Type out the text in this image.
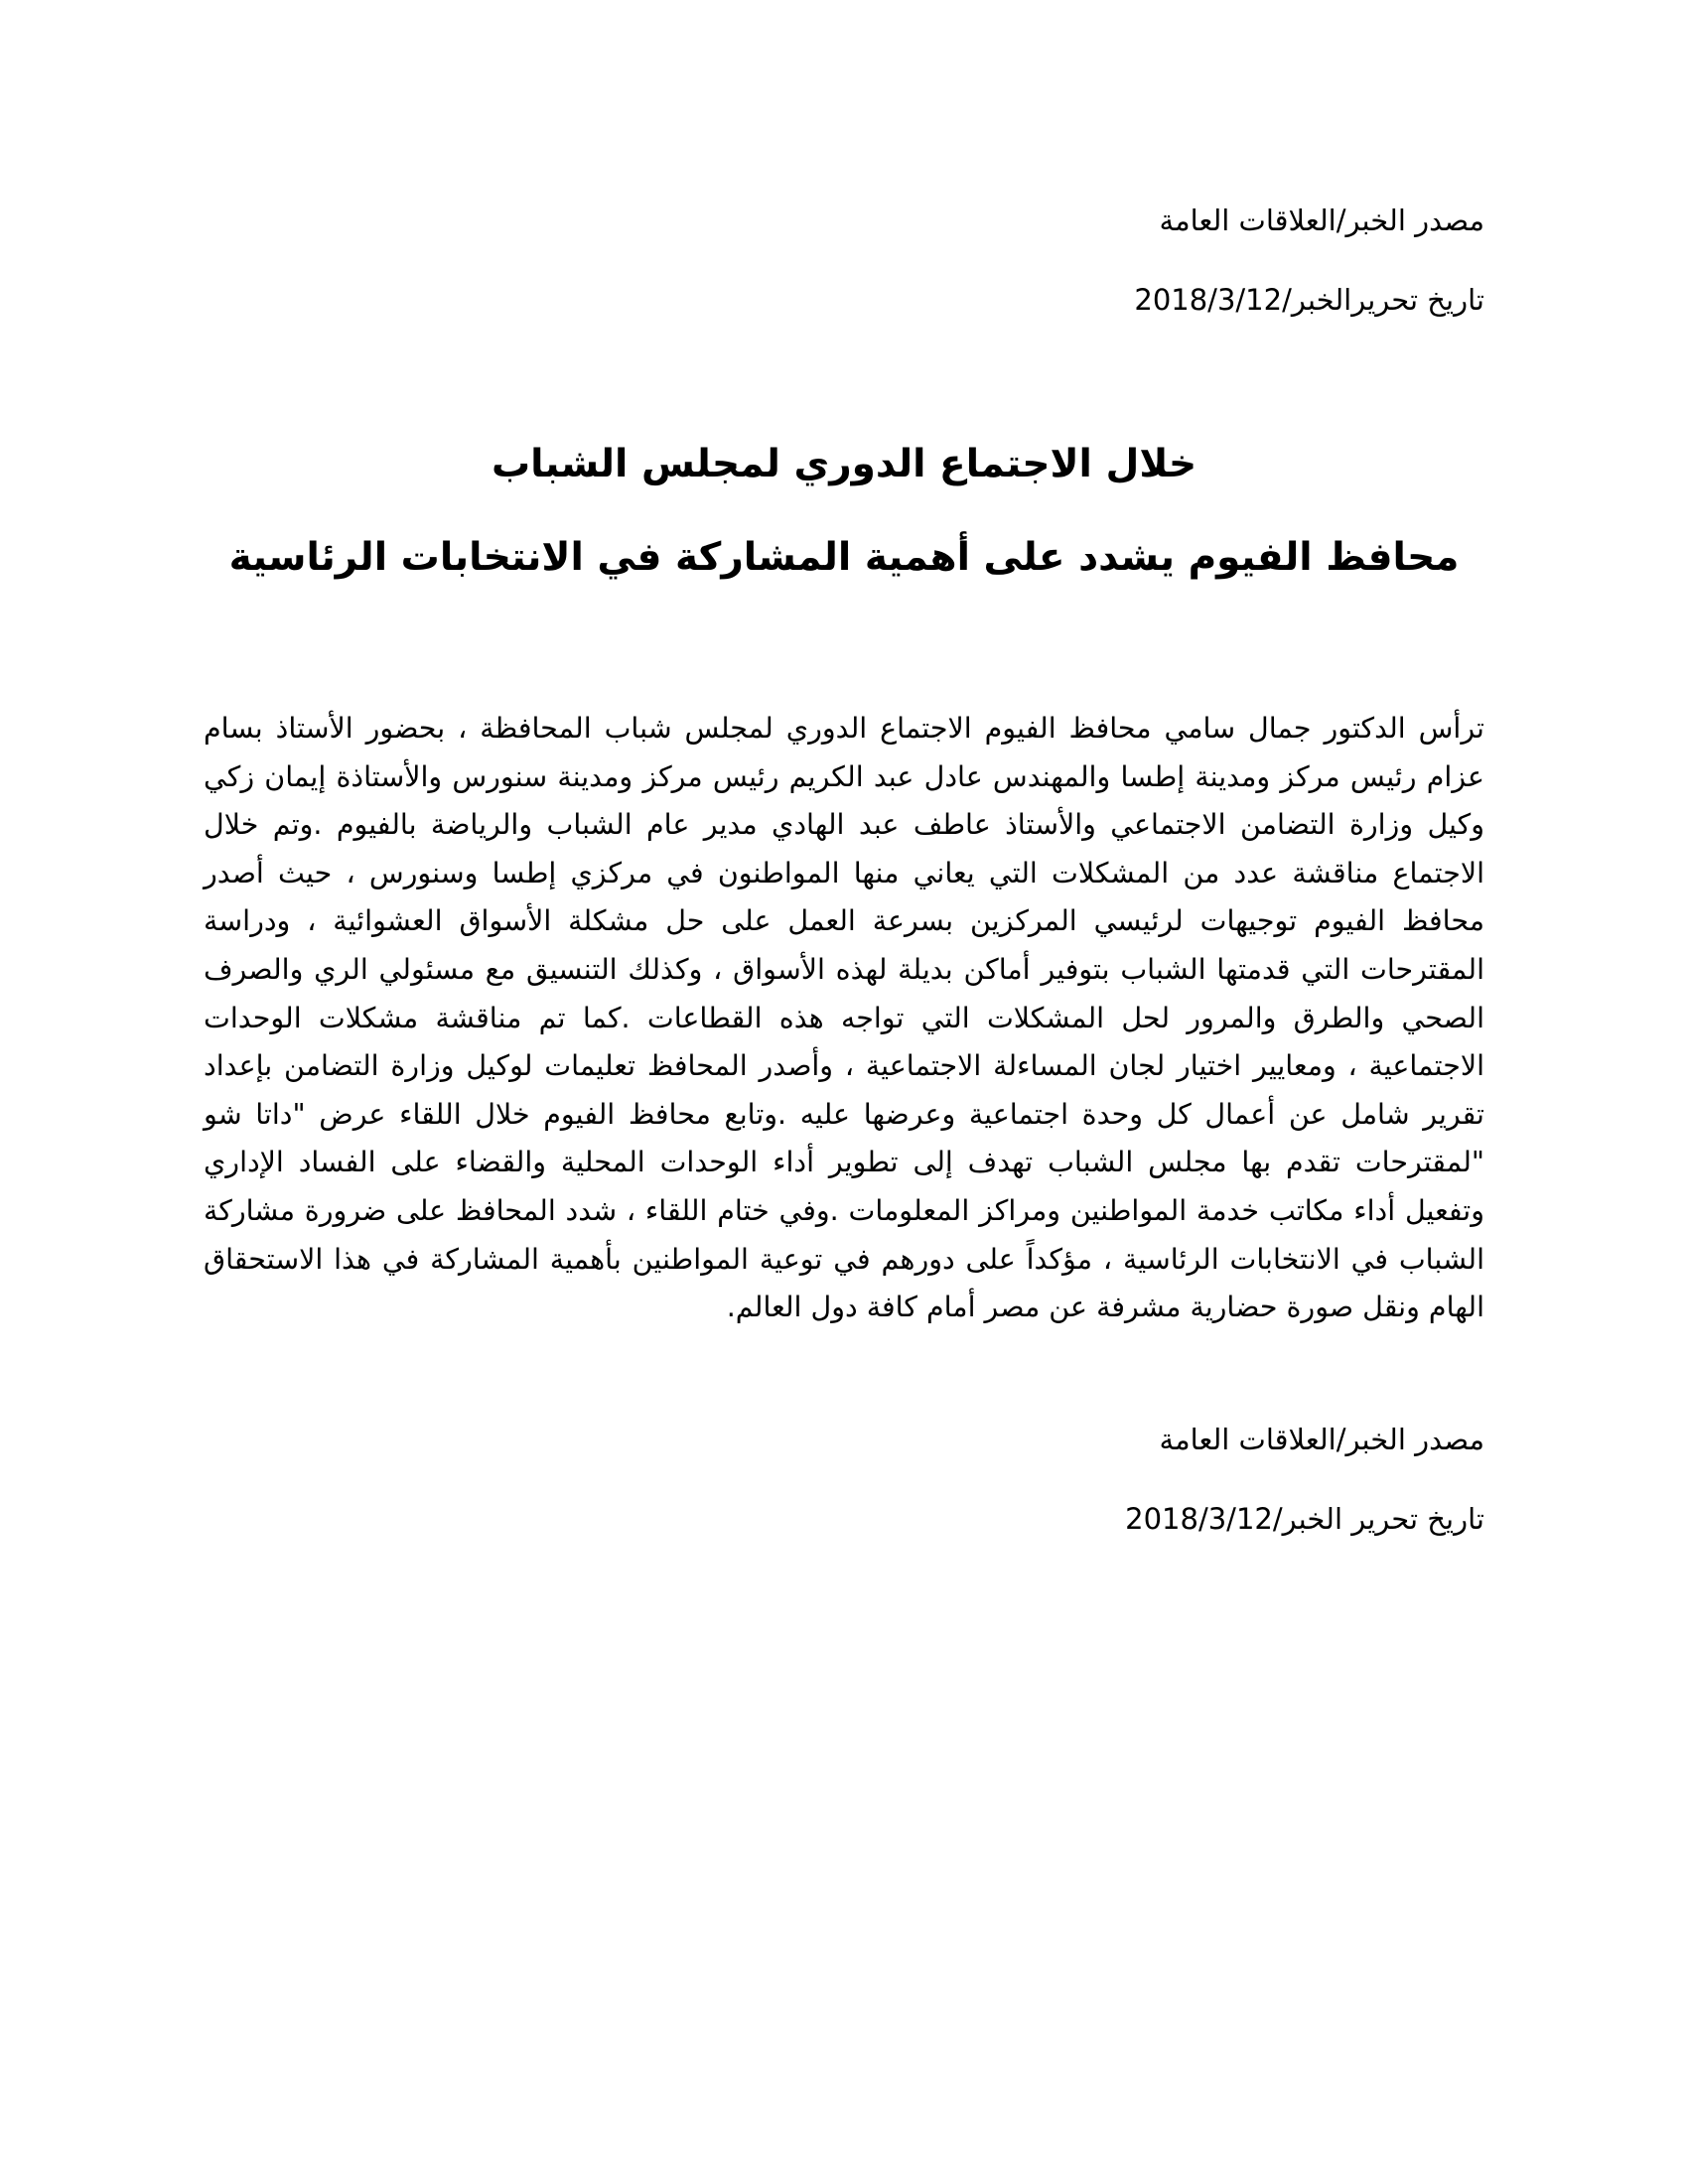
مصدر الخبر/العلاقات العامة
تاريخ تحريرالخبر/2018/3/12
خلال الاجتماع الدوري لمجلس الشباب
محافظ الفيوم يشدد على أهمية المشاركة في الانتخابات الرئاسية
ترأس الدكتور جمال سامي محافظ الفيوم الاجتماع الدوري لمجلس شباب المحافظة ، بحضور الأستاذ بسام عزام رئيس مركز ومدينة إطسا والمهندس عادل عبد الكريم رئيس مركز ومدينة سنورس والأستاذة إيمان زكي وكيل وزارة التضامن الاجتماعي والأستاذ عاطف عبد الهادي مدير عام الشباب والرياضة بالفيوم .وتم خلال الاجتماع مناقشة عدد من المشكلات التي يعاني منها المواطنون في مركزي إطسا وسنورس ، حيث أصدر محافظ الفيوم توجيهات لرئيسي المركزين بسرعة العمل على حل مشكلة الأسواق العشوائية ، ودراسة المقترحات التي قدمتها الشباب بتوفير أماكن بديلة لهذه الأسواق ، وكذلك التنسيق مع مسئولي الري والصرف الصحي والطرق والمرور لحل المشكلات التي تواجه هذه القطاعات .كما تم مناقشة مشكلات الوحدات الاجتماعية ، ومعايير اختيار لجان المساءلة الاجتماعية ، وأصدر المحافظ تعليمات لوكيل وزارة التضامن بإعداد تقرير شامل عن أعمال كل وحدة اجتماعية وعرضها عليه .وتابع محافظ الفيوم خلال اللقاء عرض "داتا شو "لمقترحات تقدم بها مجلس الشباب تهدف إلى تطوير أداء الوحدات المحلية والقضاء على الفساد الإداري وتفعيل أداء مكاتب خدمة المواطنين ومراكز المعلومات .وفي ختام اللقاء ، شدد المحافظ على ضرورة مشاركة الشباب في الانتخابات الرئاسية ، مؤكداً على دورهم في توعية المواطنين بأهمية المشاركة في هذا الاستحقاق الهام ونقل صورة حضارية مشرفة عن مصر أمام كافة دول العالم.
مصدر الخبر/العلاقات العامة
تاريخ تحرير الخبر/2018/3/12
